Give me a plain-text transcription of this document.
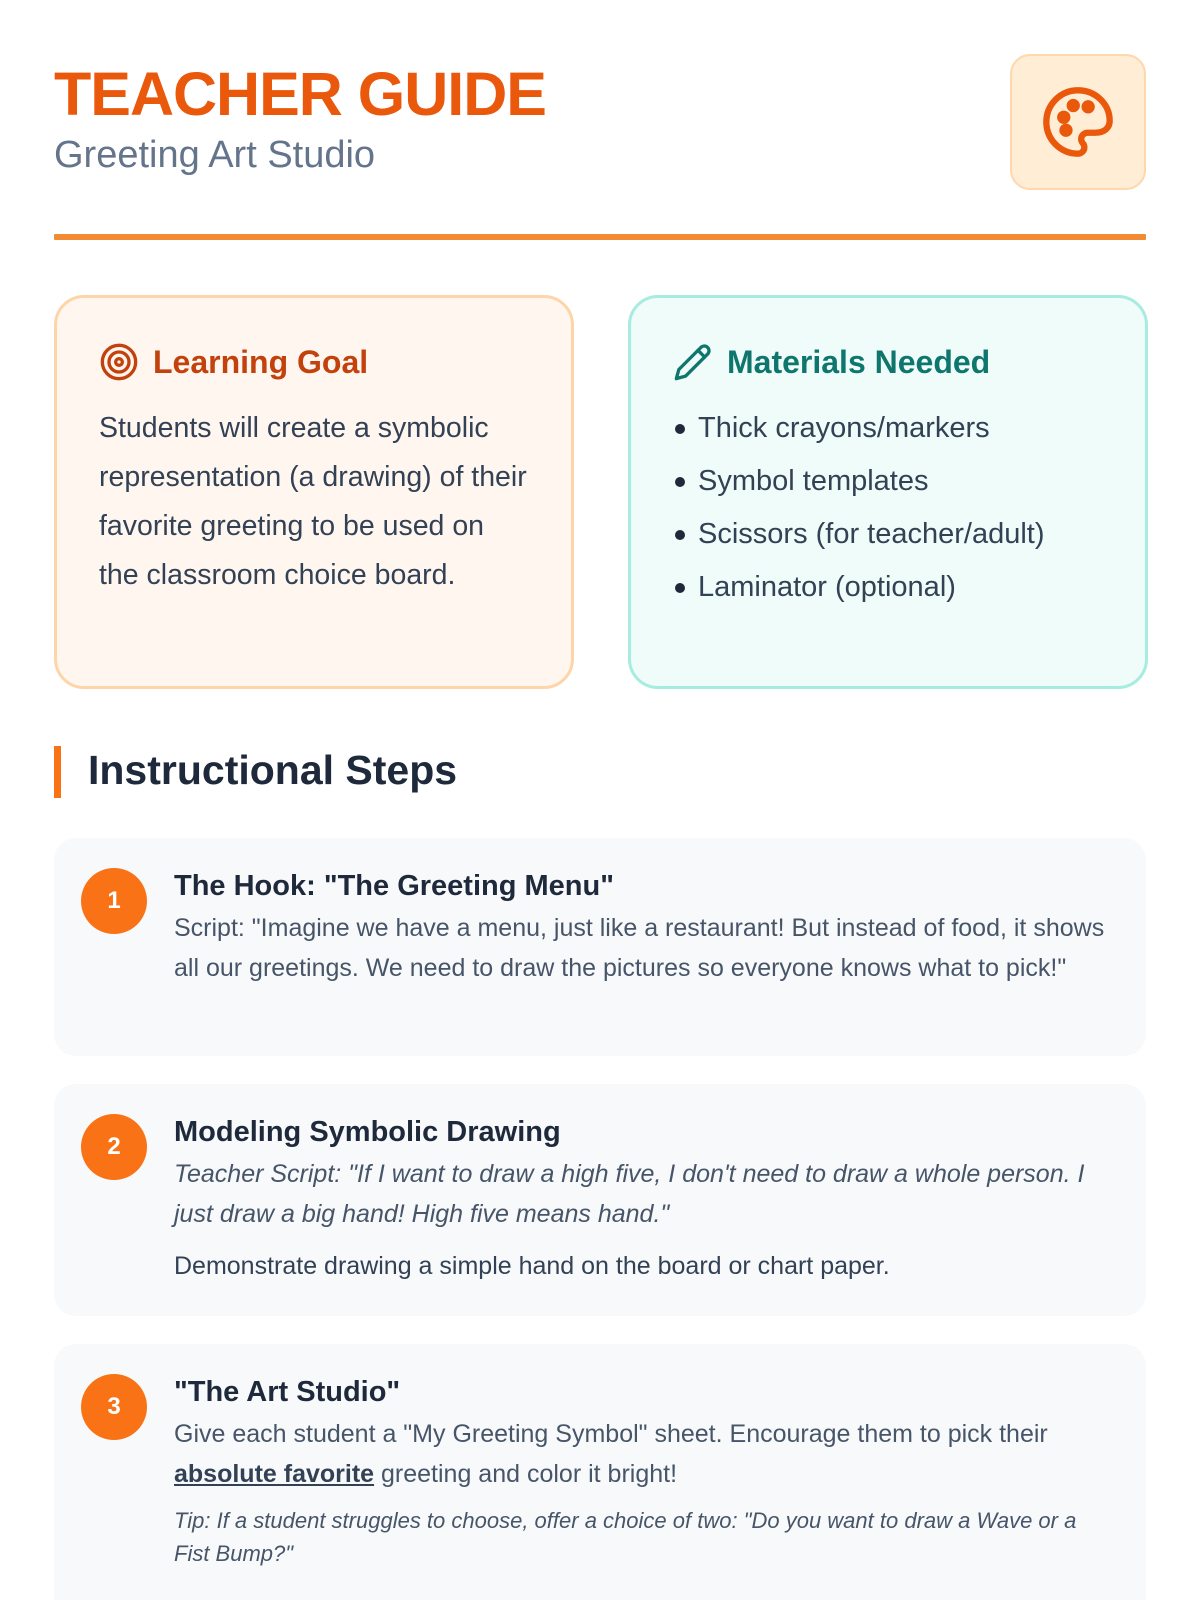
TEACHER GUIDE
Greeting Art Studio
Learning Goal
Students will create a symbolic representation (a drawing) of their favorite greeting to be used on the classroom choice board.
Materials Needed
Thick crayons/markers
Symbol templates
Scissors (for teacher/adult)
Laminator (optional)
Instructional Steps
1	The Hook: "The Greeting Menu"
Script: "Imagine we have a menu, just like a restaurant! But instead of food, it shows all our greetings. We need to draw the pictures so everyone knows what to pick!"
2	Modeling Symbolic Drawing
Teacher Script: "If I want to draw a high five, I don't need to draw a whole person. I just draw a big hand! High five means hand."
Demonstrate drawing a simple hand on the board or chart paper.
3	"The Art Studio"
Give each student a "My Greeting Symbol" sheet. Encourage them to pick their absolute favorite greeting and color it bright!
Tip: If a student struggles to choose, offer a choice of two: "Do you want to draw a Wave or a Fist Bump?"
